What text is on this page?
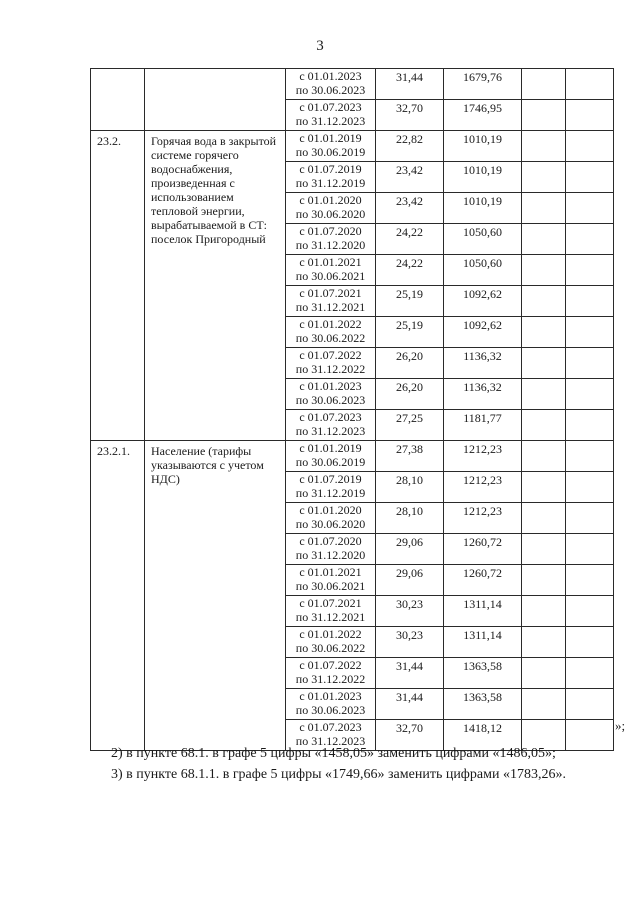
3

		с 01.01.2023
по 30.06.2023	31,44	1679,76		

		с 01.07.2023
по 31.12.2023	32,70	1746,95		
23.2.	Горячая вода в закрытой системе горячего водоснабжения, произведенная с использованием тепловой энергии, вырабатываемой в СТ: поселок Пригородный	с 01.01.2019
по 30.06.2019	22,82	1010,19		

		с 01.07.2019
по 31.12.2019	23,42	1010,19		

		с 01.01.2020
по 30.06.2020	23,42	1010,19		

		с 01.07.2020
по 31.12.2020	24,22	1050,60		

		с 01.01.2021
по 30.06.2021	24,22	1050,60		

		с 01.07.2021
по 31.12.2021	25,19	1092,62		

		с 01.01.2022
по 30.06.2022	25,19	1092,62		

		с 01.07.2022
по 31.12.2022	26,20	1136,32		

		с 01.01.2023
по 30.06.2023	26,20	1136,32		

		с 01.07.2023
по 31.12.2023	27,25	1181,77		
23.2.1.	Население (тарифы указываются с учетом НДС)	с 01.01.2019
по 30.06.2019	27,38	1212,23		

		с 01.07.2019
по 31.12.2019	28,10	1212,23		

		с 01.01.2020
по 30.06.2020	28,10	1212,23		

		с 01.07.2020
по 31.12.2020	29,06	1260,72		

		с 01.01.2021
по 30.06.2021	29,06	1260,72		

		с 01.07.2021
по 31.12.2021	30,23	1311,14		

		с 01.01.2022
по 30.06.2022	30,23	1311,14		

		с 01.07.2022
по 31.12.2022	31,44	1363,58		

		с 01.01.2023
по 30.06.2023	31,44	1363,58		

		с 01.07.2023
по 31.12.2023	32,70	1418,12			»;

2) в пункте 68.1. в графе 5 цифры «1458,05» заменить цифрами «1486,05»;

3) в пункте 68.1.1. в графе 5 цифры «1749,66» заменить цифрами «1783,26».
